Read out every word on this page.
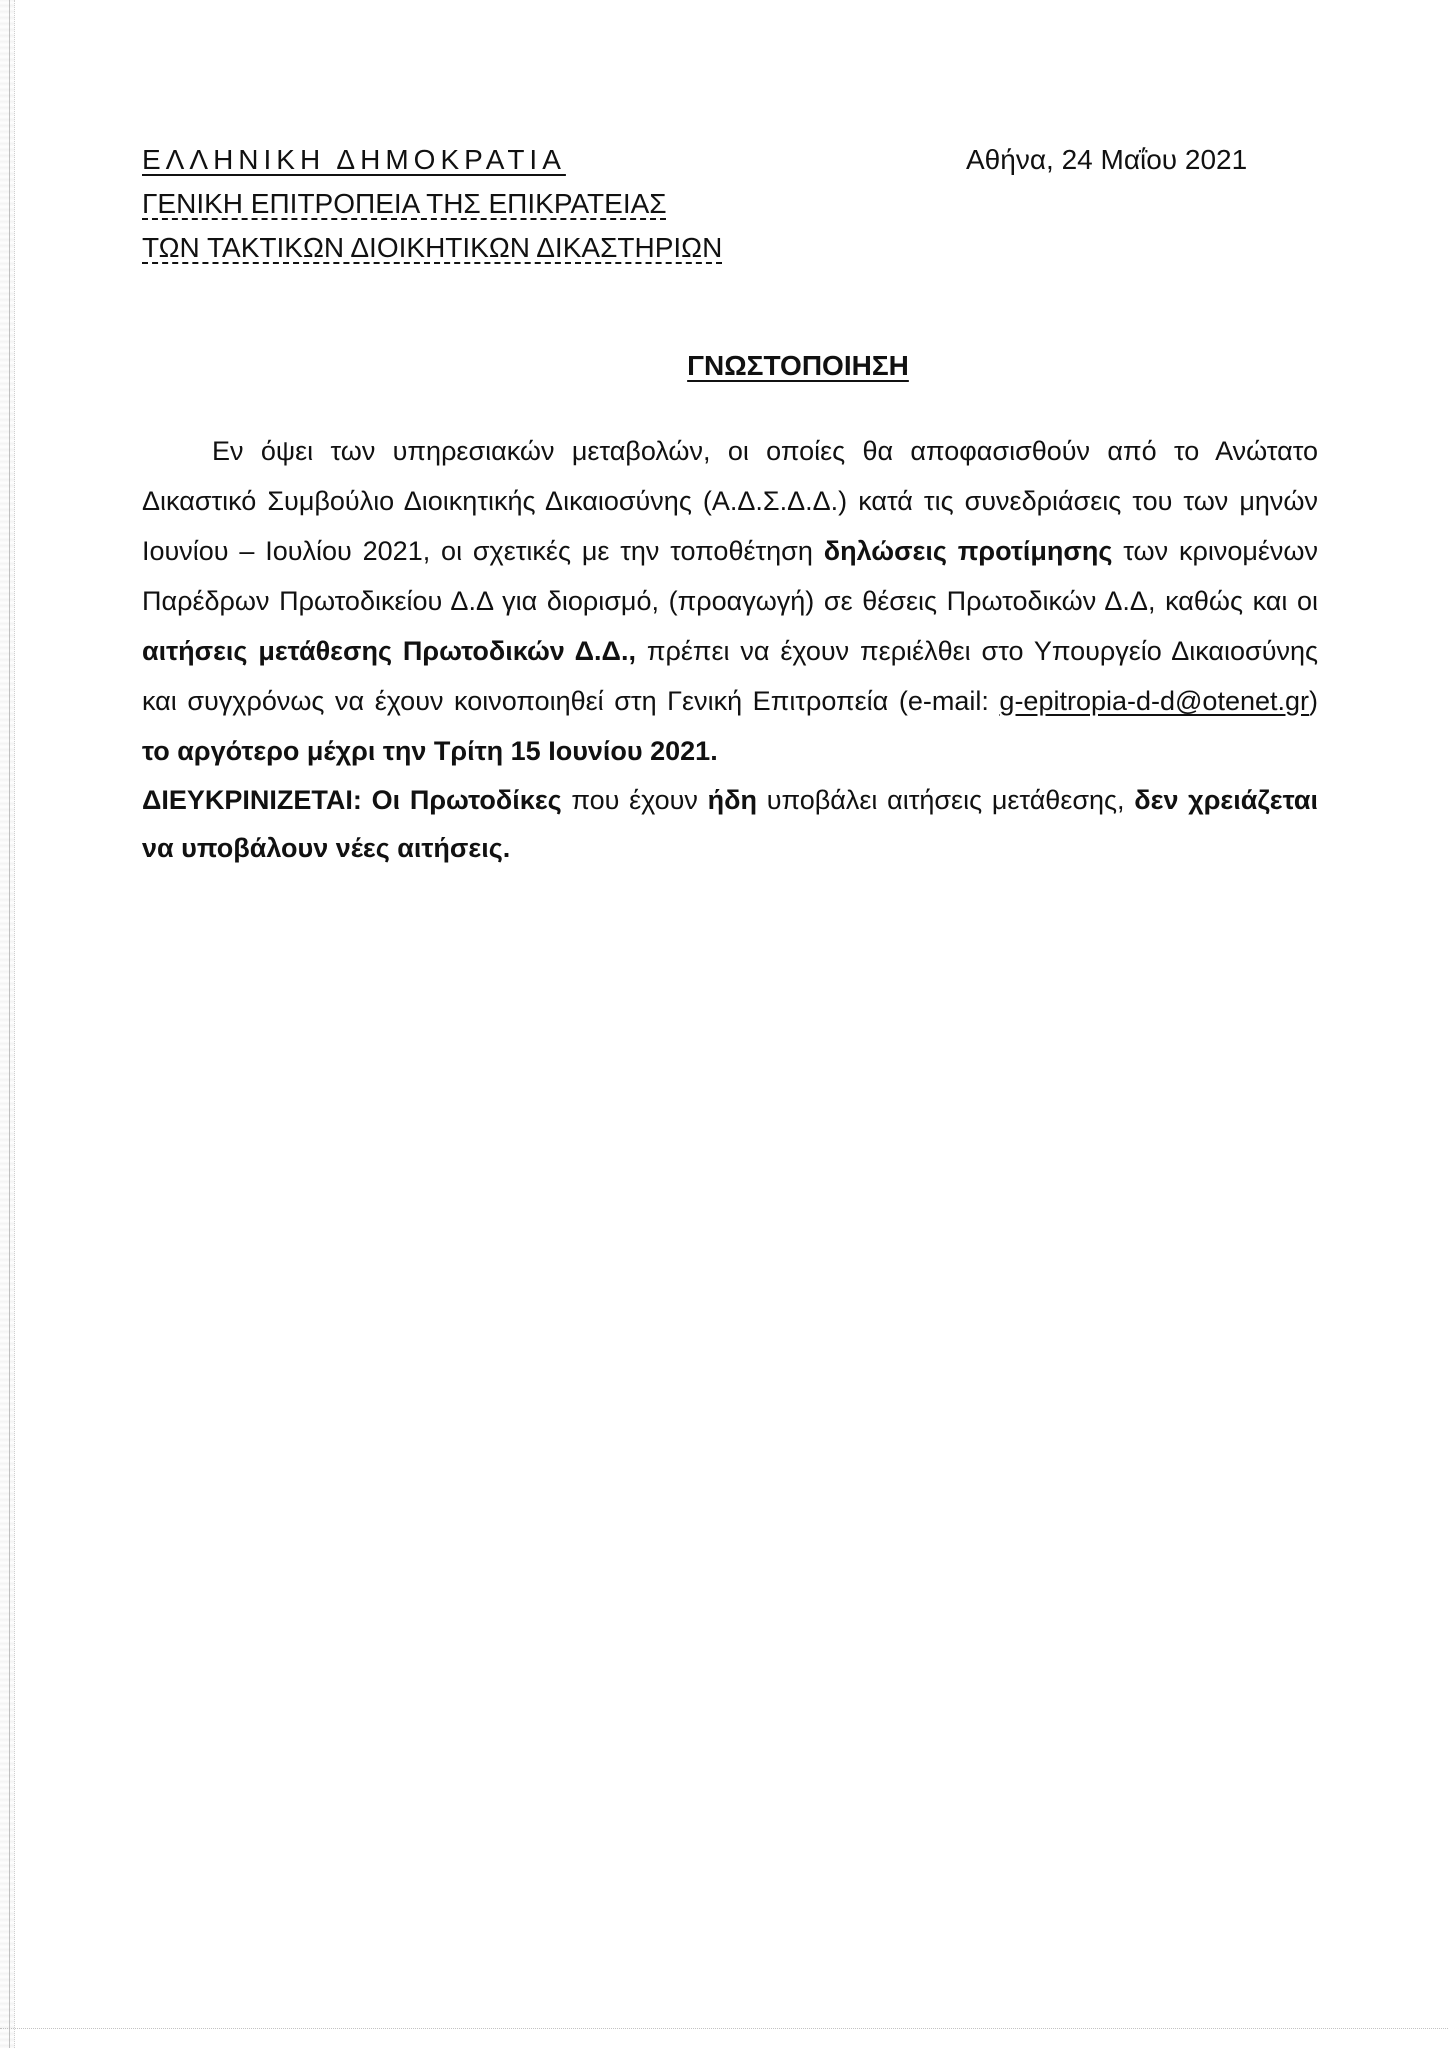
ΕΛΛΗΝΙΚΗ ΔΗΜΟΚΡΑΤΙΑ
ΓΕΝΙΚΗ ΕΠΙΤΡΟΠΕΙΑ ΤΗΣ ΕΠΙΚΡΑΤΕΙΑΣ
ΤΩΝ ΤΑΚΤΙΚΩΝ ΔΙΟΙΚΗΤΙΚΩΝ ΔΙΚΑΣΤΗΡΙΩΝ
Αθήνα, 24 Μαΐου 2021
ΓΝΩΣΤΟΠΟΙΗΣΗ

Εν όψει των υπηρεσιακών μεταβολών, οι οποίες θα αποφασισθούν από το Ανώτατο Δικαστικό Συμβούλιο Διοικητικής Δικαιοσύνης (Α.Δ.Σ.Δ.Δ.) κατά τις συνεδριάσεις του των μηνών Ιουνίου – Ιουλίου 2021, οι σχετικές με την τοποθέτηση δηλώσεις προτίμησης των κρινομένων Παρέδρων Πρωτοδικείου Δ.Δ για διορισμό, (προαγωγή) σε θέσεις Πρωτοδικών Δ.Δ, καθώς και οι αιτήσεις μετάθεσης Πρωτοδικών Δ.Δ., πρέπει να έχουν περιέλθει στο Υπουργείο Δικαιοσύνης και συγχρόνως να έχουν κοινοποιηθεί στη Γενική Επιτροπεία (e-mail: g-epitropia-d-d@otenet.gr) το αργότερο μέχρι την Τρίτη 15 Ιουνίου 2021.

ΔΙΕΥΚΡΙΝΙΖΕΤΑΙ: Οι Πρωτοδίκες που έχουν ήδη υποβάλει αιτήσεις μετάθεσης, δεν χρειάζεται να υποβάλουν νέες αιτήσεις.
